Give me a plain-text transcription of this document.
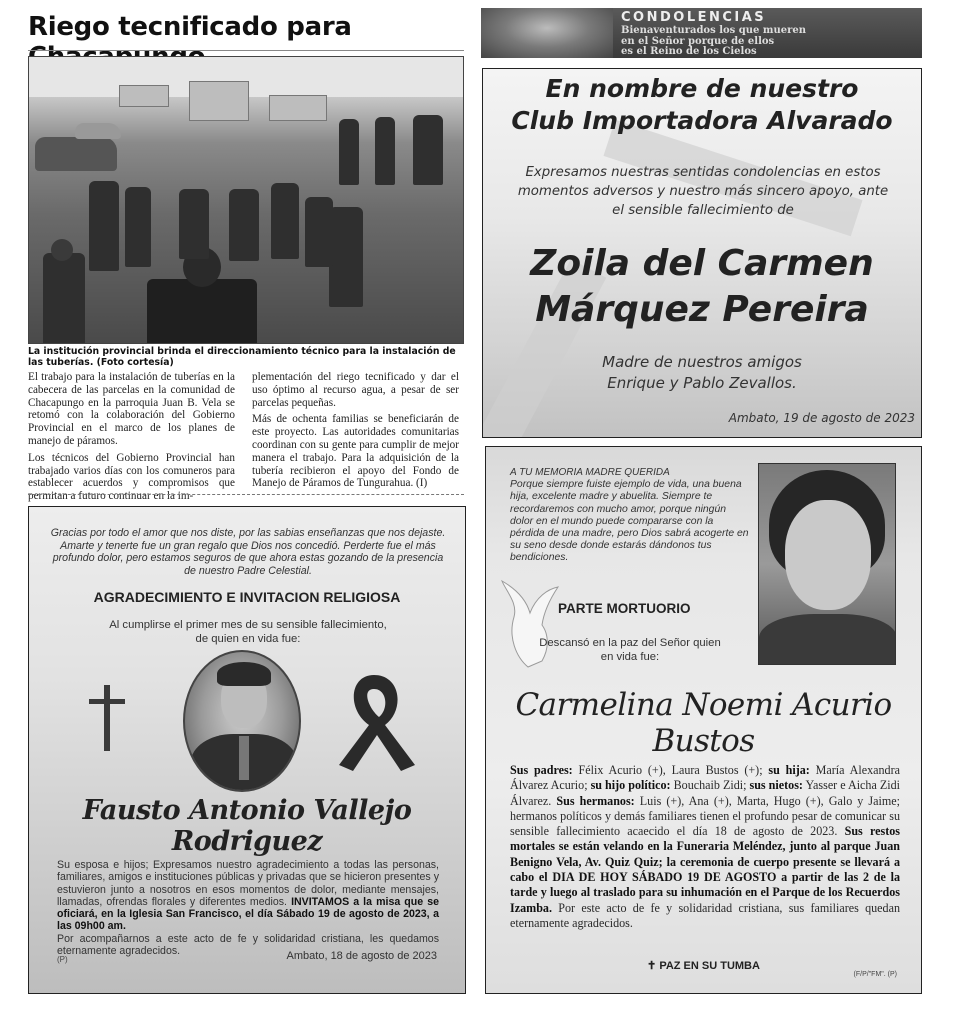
Riego tecnificado para
La institución provincial brinda el direccionamiento técnico para la instalación de las tuberías. (Foto cortesía)

El trabajo para la instalación de tuberías en la cabecera de las parcelas en la comunidad de Chacapungo en la parroquia Juan B. Vela se retomó con la colaboración del Gobierno Provincial en el marco de los planes de manejo de páramos.

Los técnicos del Gobierno Provincial han trabajado varios días con los comuneros para establecer acuerdos y compromisos que permitan a futuro continuar en la im-

plementación del riego tecnificado y dar el uso óptimo al recurso agua, a pesar de ser parcelas pequeñas.

Más de ochenta familias se beneficiarán de este proyecto. Las autoridades comunitarias coordinan con su gente para cumplir de mejor manera el trabajo. Para la adquisición de la tubería recibieron el apoyo del Fondo de Manejo de Páramos de Tungurahua. (I)

CONDOLENCIAS
Bienaventurados los que mueren
en el Señor porque de ellos
es el Reino de los Cielos
En nombre de nuestro
Club Importadora Alvarado
Expresamos nuestras sentidas condolencias en estos
momentos adversos y nuestro más sincero apoyo, ante
el sensible fallecimiento de
Zoila del Carmen
Márquez Pereira
Madre de nuestros amigos
Enrique y Pablo Zevallos.
Ambato, 19 de agosto de 2023
Gracias por todo el amor que nos diste, por las sabias enseñanzas que nos dejaste. Amarte y tenerte fue un gran regalo que Dios nos concedió. Perderte fue el más profundo dolor, pero estamos seguros de que ahora estas gozando de la presencia de nuestro Padre Celestial.
AGRADECIMIENTO E INVITACION RELIGIOSA
Al cumplirse el primer mes de su sensible fallecimiento,
de quien en vida fue:
Fausto Antonio Vallejo Rodriguez
Su esposa e hijos; Expresamos nuestro agradecimiento a todas las personas, familiares, amigos e instituciones públicas y privadas que se hicieron presentes y estuvieron junto a nosotros en esos momentos de dolor, mediante mensajes, llamadas, ofrendas florales y diferentes medios. INVITAMOS a la misa que se oficiará, en la Iglesia San Francisco, el día Sábado 19 de agosto de 2023, a las 09h00 am.
Por acompañarnos a este acto de fe y solidaridad cristiana, les quedamos eternamente agradecidos.
(P)	Ambato, 18 de agosto de 2023
A TU MEMORIA MADRE QUERIDA
Porque siempre fuiste ejemplo de vida, una buena hija, excelente madre y abuelita. Siempre te recordaremos con mucho amor, porque ningún dolor en el mundo puede compararse con la pérdida de una madre, pero Dios sabrá acogerte en su seno desde donde estarás dándonos tus bendiciones.
PARTE MORTUORIO
Descansó en la paz del Señor quien
en vida fue:
Carmelina Noemi Acurio Bustos
Sus padres: Félix Acurio (+), Laura Bustos (+); su hija: María Alexandra Álvarez Acurio; su hijo político: Bouchaib Zidi; sus nietos: Yasser e Aicha Zidi Álvarez. Sus hermanos: Luis (+), Ana (+), Marta, Hugo (+), Galo y Jaime; hermanos políticos y demás familiares tienen el profundo pesar de comunicar su sensible fallecimiento acaecido el día 18 de agosto de 2023. Sus restos mortales se están velando en la Funeraria Meléndez, junto al parque Juan Benigno Vela, Av. Quiz Quiz; la ceremonia de cuerpo presente se llevará a cabo el DIA DE HOY SÁBADO 19 DE AGOSTO a partir de las 2 de la tarde y luego al traslado para su inhumación en el Parque de los Recuerdos Izamba. Por este acto de fe y solidaridad cristiana, sus familiares quedan eternamente agradecidos.
✝ PAZ EN SU TUMBA
(F/P/"FM". (P)
